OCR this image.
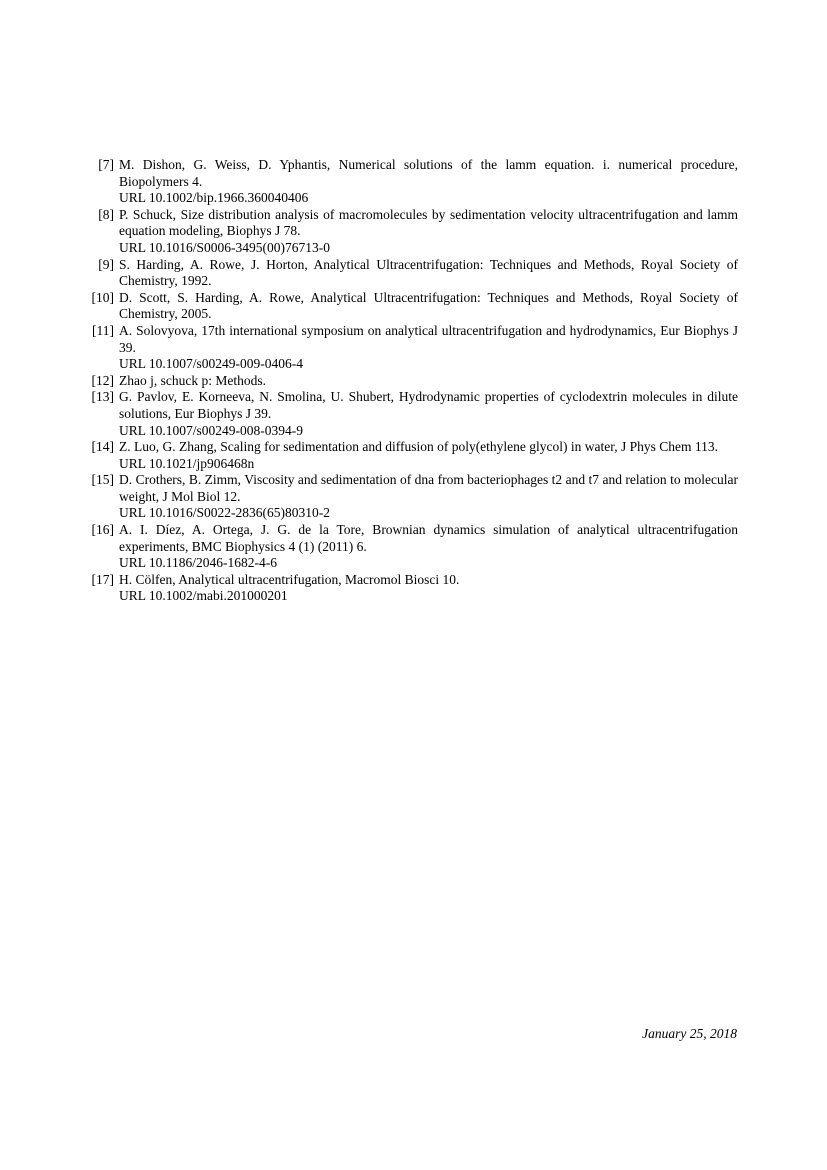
[7] M. Dishon, G. Weiss, D. Yphantis, Numerical solutions of the lamm equation. i. numerical procedure, Biopolymers 4.
URL 10.1002/bip.1966.360040406
[8] P. Schuck, Size distribution analysis of macromolecules by sedimentation velocity ultracentrifugation and lamm equation modeling, Biophys J 78.
URL 10.1016/S0006-3495(00)76713-0
[9] S. Harding, A. Rowe, J. Horton, Analytical Ultracentrifugation: Techniques and Methods, Royal Society of Chemistry, 1992.
[10] D. Scott, S. Harding, A. Rowe, Analytical Ultracentrifugation: Techniques and Methods, Royal Society of Chemistry, 2005.
[11] A. Solovyova, 17th international symposium on analytical ultracentrifugation and hydrodynamics, Eur Biophys J 39.
URL 10.1007/s00249-009-0406-4
[12] Zhao j, schuck p: Methods.
[13] G. Pavlov, E. Korneeva, N. Smolina, U. Shubert, Hydrodynamic properties of cyclodextrin molecules in dilute solutions, Eur Biophys J 39.
URL 10.1007/s00249-008-0394-9
[14] Z. Luo, G. Zhang, Scaling for sedimentation and diffusion of poly(ethylene glycol) in water, J Phys Chem 113.
URL 10.1021/jp906468n
[15] D. Crothers, B. Zimm, Viscosity and sedimentation of dna from bacteriophages t2 and t7 and relation to molecular weight, J Mol Biol 12.
URL 10.1016/S0022-2836(65)80310-2
[16] A. I. Díez, A. Ortega, J. G. de la Tore, Brownian dynamics simulation of analytical ultracentrifugation experiments, BMC Biophysics 4 (1) (2011) 6.
URL 10.1186/2046-1682-4-6
[17] H. Cölfen, Analytical ultracentrifugation, Macromol Biosci 10.
URL 10.1002/mabi.201000201
January 25, 2018
